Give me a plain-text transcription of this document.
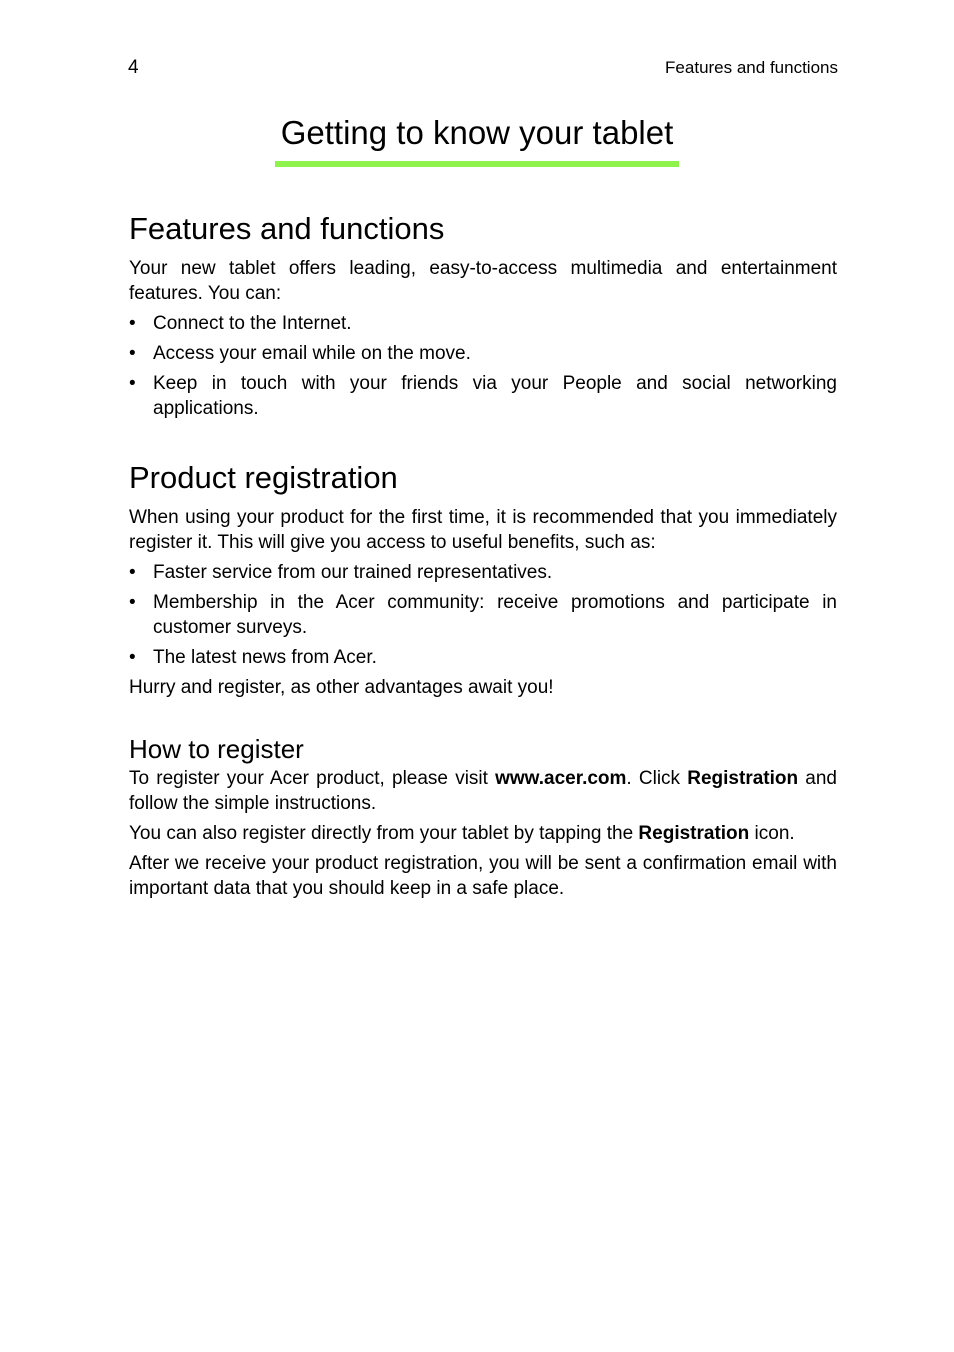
4	Features and functions
Getting to know your tablet
Features and functions

Your new tablet offers leading, easy-to-access multimedia and entertainment features. You can:

• Connect to the Internet.
• Access your email while on the move.
• Keep in touch with your friends via your People and social networking applications.
Product registration

When using your product for the first time, it is recommended that you immediately register it. This will give you access to useful benefits, such as:

• Faster service from our trained representatives.
• Membership in the Acer community: receive promotions and participate in customer surveys.
• The latest news from Acer.

Hurry and register, as other advantages await you!

How to register

To register your Acer product, please visit www.acer.com. Click Registration and follow the simple instructions.

You can also register directly from your tablet by tapping the Registration icon.

After we receive your product registration, you will be sent a confirmation email with important data that you should keep in a safe place.
